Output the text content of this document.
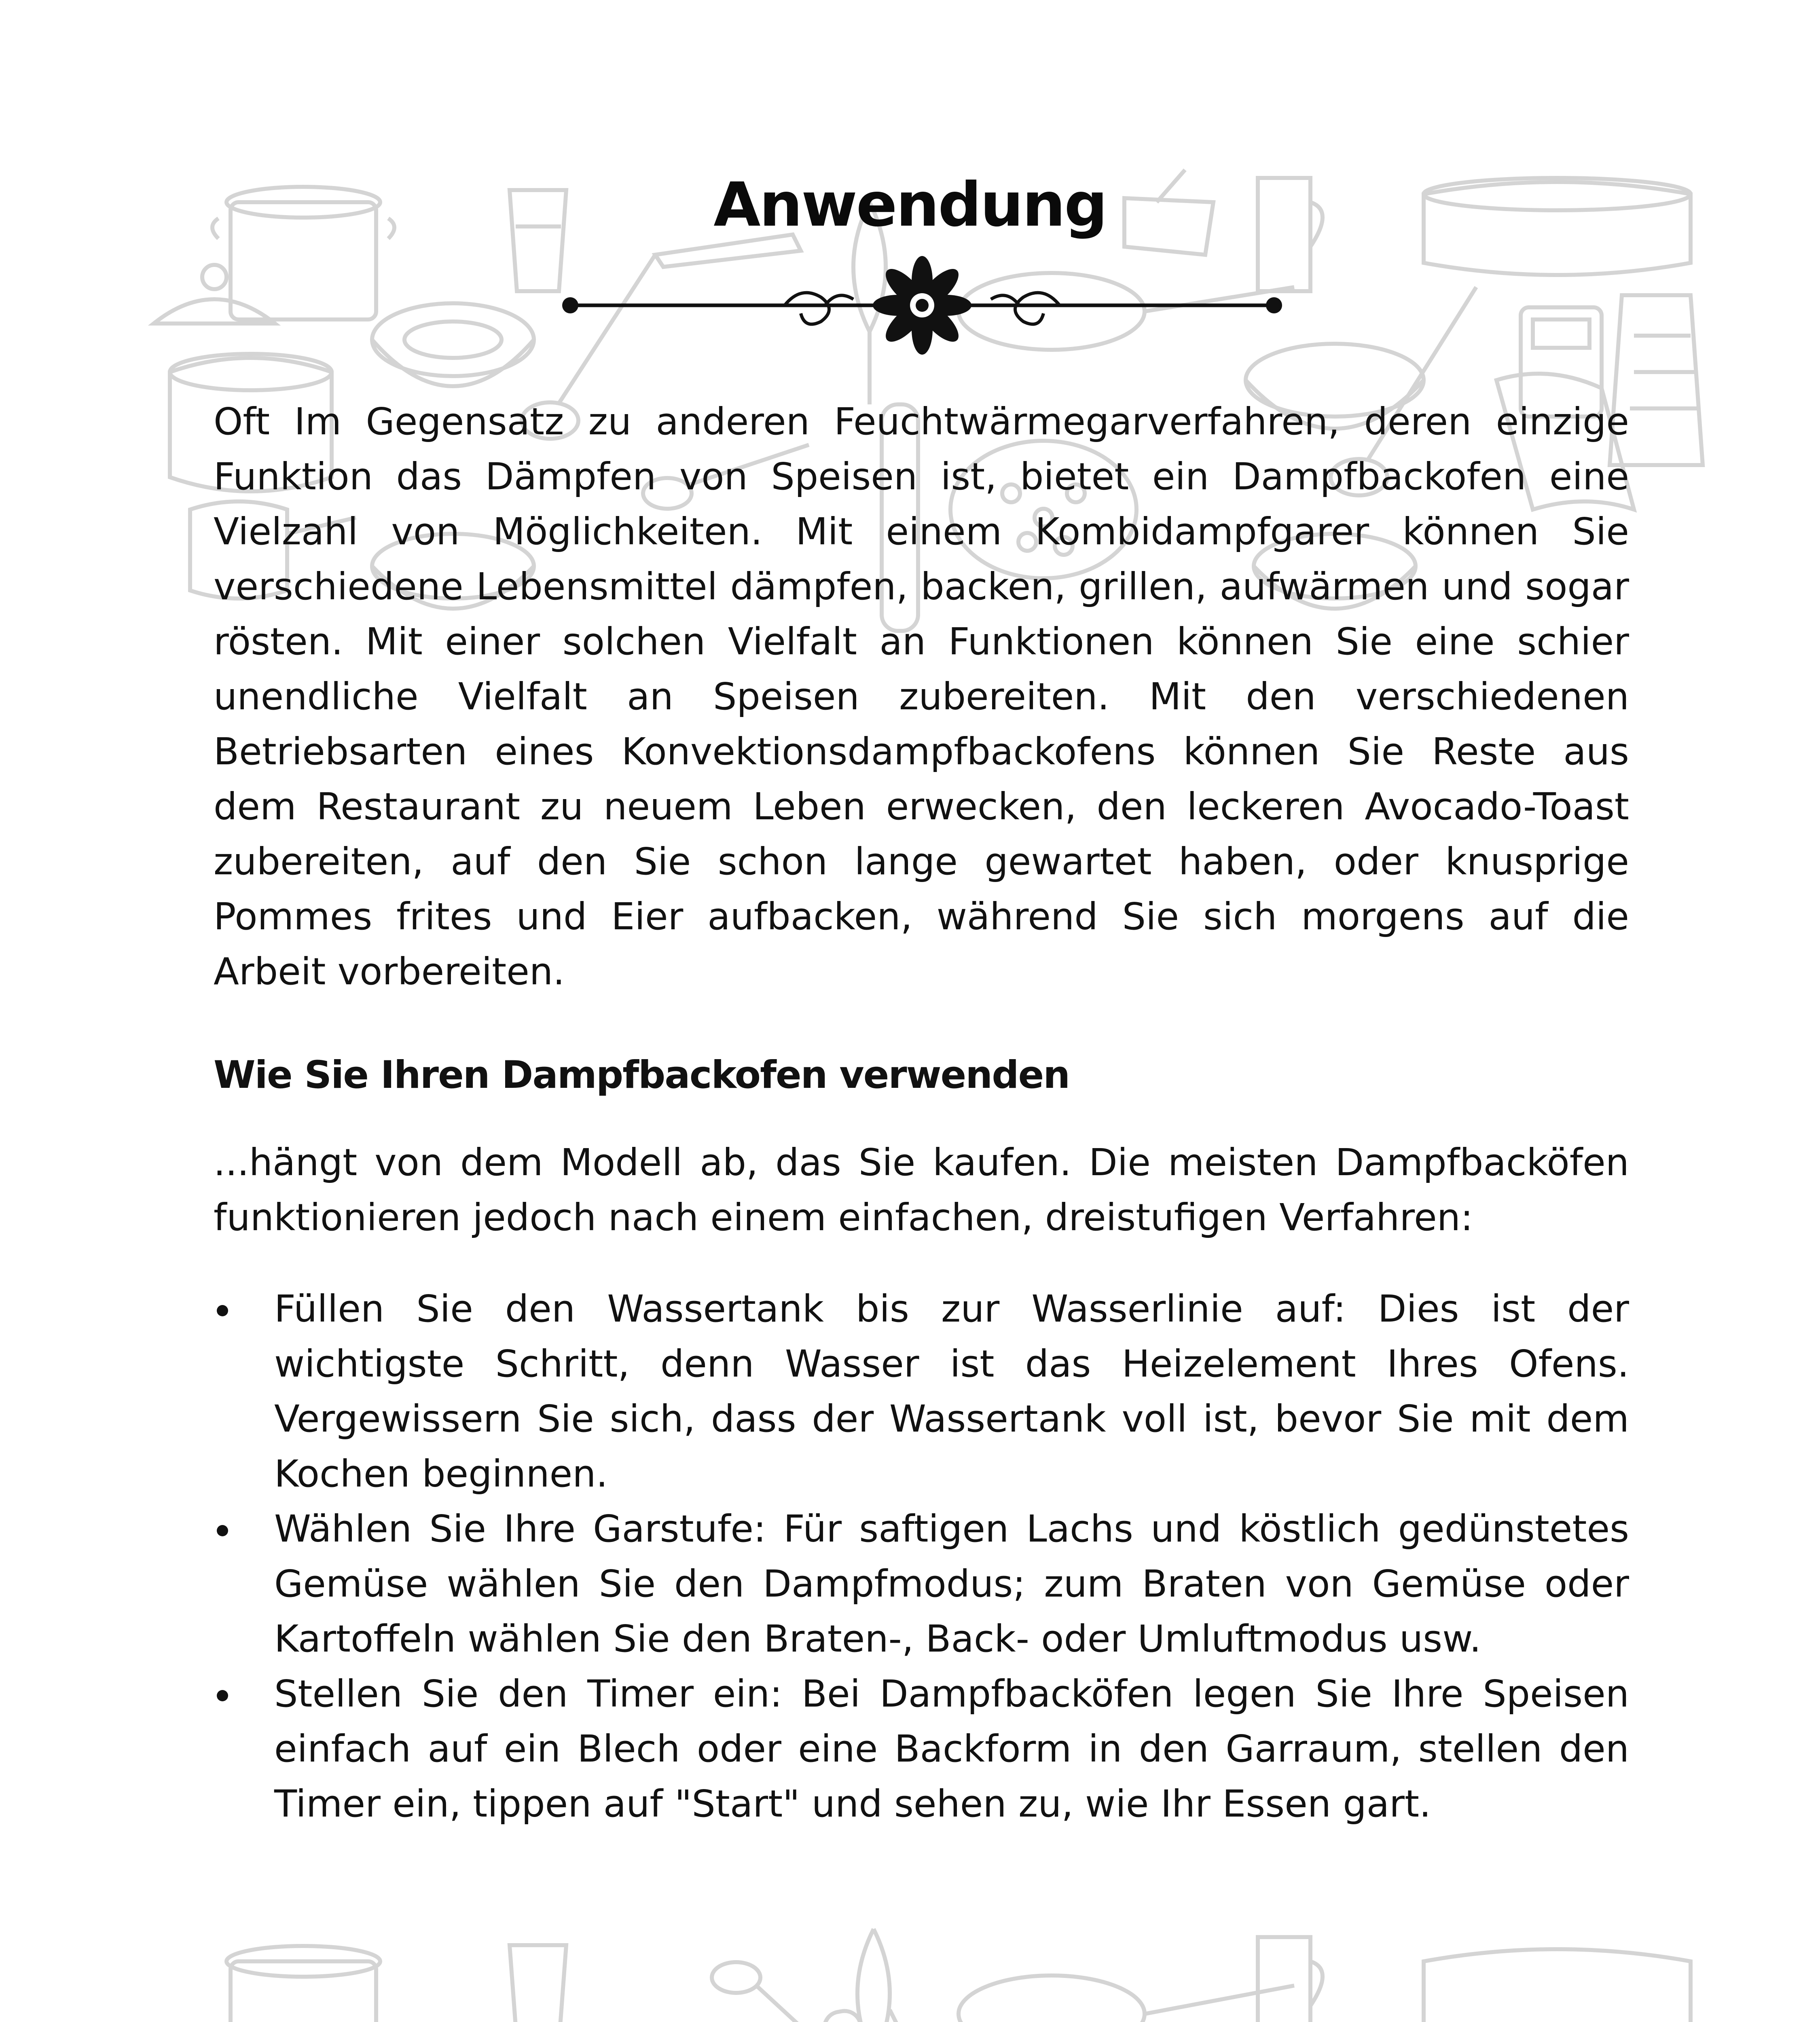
Anwendung

Oft Im Gegensatz zu anderen Feuchtwärmegarverfahren, deren einzige Funktion das Dämpfen von Speisen ist, bietet ein Dampfbackofen eine Vielzahl von Möglichkeiten. Mit einem Kombidampfgarer können Sie verschiedene Lebensmittel dämpfen, backen, grillen, aufwärmen und sogar rösten. Mit einer solchen Vielfalt an Funktionen können Sie eine schier unendliche Vielfalt an Speisen zubereiten. Mit den verschiedenen Betriebsarten eines Konvektionsdampfbackofens können Sie Reste aus dem Restaurant zu neuem Leben erwecken, den leckeren Avocado-Toast zubereiten, auf den Sie schon lange gewartet haben, oder knusprige Pommes frites und Eier aufbacken, während Sie sich morgens auf die Arbeit vorbereiten.

Wie Sie Ihren Dampfbackofen verwenden

...hängt von dem Modell ab, das Sie kaufen. Die meisten Dampfbacköfen funktionieren jedoch nach einem einfachen, dreistufigen Verfahren:

Füllen Sie den Wassertank bis zur Wasserlinie auf: Dies ist der wichtigste Schritt, denn Wasser ist das Heizelement Ihres Ofens. Vergewissern Sie sich, dass der Wassertank voll ist, bevor Sie mit dem Kochen beginnen.
Wählen Sie Ihre Garstufe: Für saftigen Lachs und köstlich gedünstetes Gemüse wählen Sie den Dampfmodus; zum Braten von Gemüse oder Kartoffeln wählen Sie den Braten-, Back- oder Umluftmodus usw.
Stellen Sie den Timer ein: Bei Dampfbacköfen legen Sie Ihre Speisen einfach auf ein Blech oder eine Backform in den Garraum, stellen den Timer ein, tippen auf "Start" und sehen zu, wie Ihr Essen gart.
